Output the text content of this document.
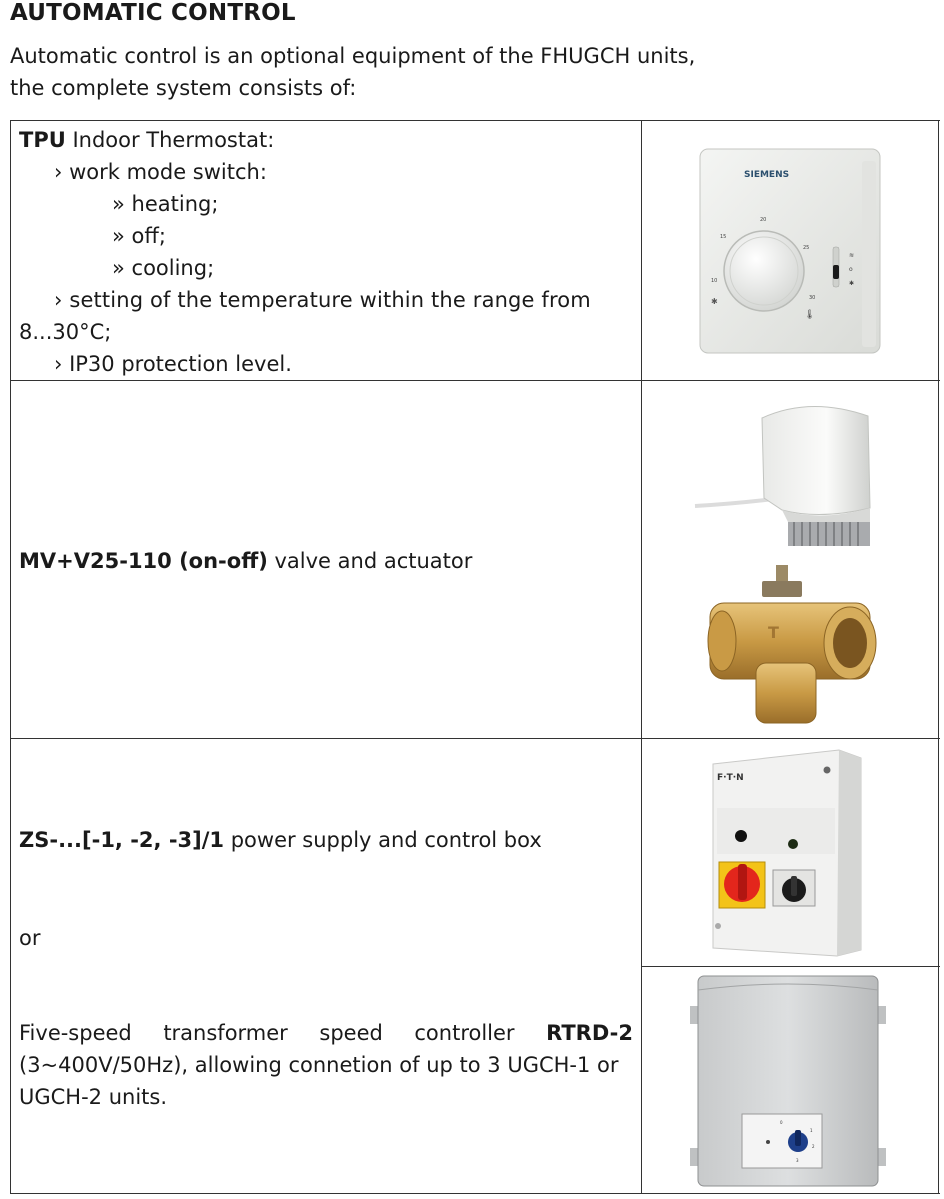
AUTOMATIC CONTROL
Automatic control is an optional equipment of the FHUGCH units,
the complete system consists of:

TPU Indoor Thermostat:

› work mode switch:

» heating;

» off;

» cooling;

› setting of the temperature within the range from

8...30°C;

› IP30 protection level.

SIEMENS
10
15
20
25
30
✱
🌡
≋
o
✱

MV+V25-110 (on-off) valve and actuator

T

ZS-...[-1, -2, -3]/1 power supply and control box

or
F·T·N

Five-speed transformer speed controller RTRD-2

(3~400V/50Hz), allowing connetion of up to 3 UGCH-1 or

UGCH-2 units.

0
1
2
3
